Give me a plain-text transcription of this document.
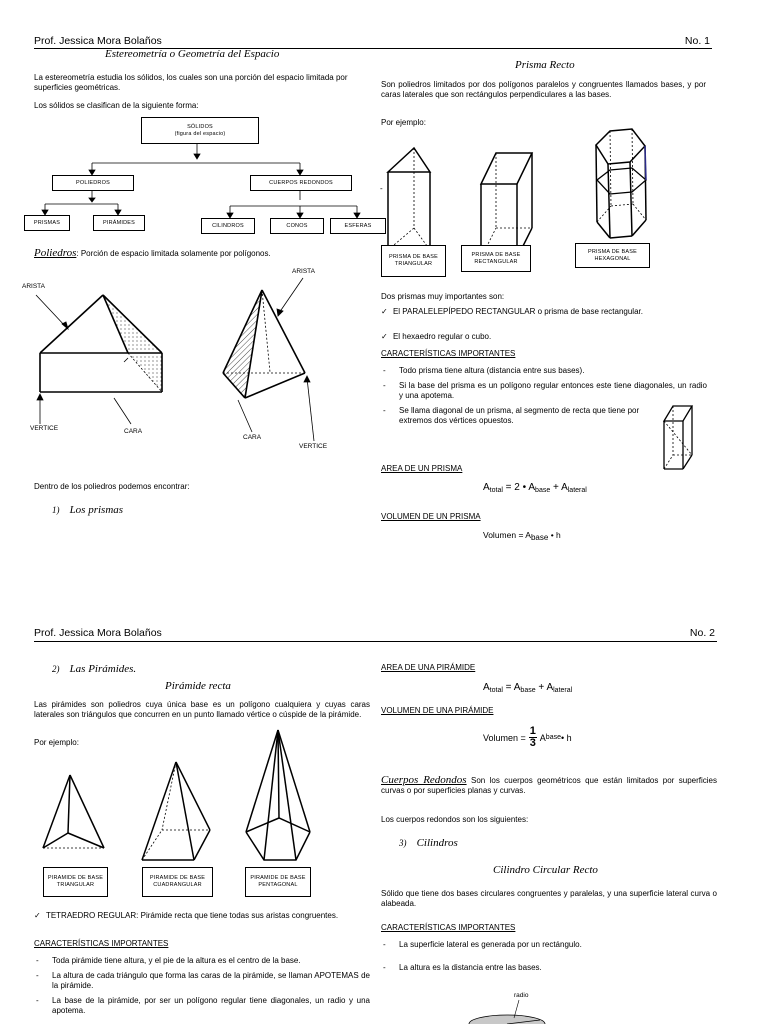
Prof. Jessica Mora Bolaños	No. 1
Estereometría o Geometría del Espacio
La estereometría estudia los sólidos, los cuales son una porción del espacio limitada por superficies geométricas.
Los sólidos se clasifican de la siguiente forma:
SÓLIDOS
(figura del espacio)
POLIEDROS	CUERPOS REDONDOS
PRISMAS	PIRÁMIDES	CILINDROS	CONOS	ESFERAS
Poliedros: Porción de espacio limitada solamente por polígonos.
ARISTA
VERTICE	CARA
ARISTA
CARA
VERTICE
Dentro de los poliedros podemos encontrar:
1) Los prismas
Prisma Recto
Son poliedros limitados por dos polígonos paralelos y congruentes llamados bases, y por caras laterales que son rectángulos perpendiculares a las bases.
Por ejemplo:
-
PRISMA DE BASE TRIANGULAR
PRISMA DE BASE RECTANGULAR
PRISMA DE BASE HEXAGONAL
Dos prismas muy importantes son:
✓ El PARALELEPÍPEDO RECTANGULAR o prisma de base rectangular.
✓ El hexaedro regular o cubo.
CARACTERÍSTICAS IMPORTANTES
- Todo prisma tiene altura (distancia entre sus bases).
- Si la base del prisma es un polígono regular entonces este tiene diagonales, un radio y una apotema.
- Se llama diagonal de un prisma, al segmento de recta que tiene por extremos dos vértices opuestos.
AREA DE UN PRISMA
$A_{total} = 2$ • $A_{base} + A_{lateral}$
VOLUMEN DE UN PRISMA
Volumen = Abase • h
Prof. Jessica Mora Bolaños	No. 2
2) Las Pirámides.
Pirámide recta
Las pirámides son poliedros cuya única base es un polígono cualquiera y cuyas caras laterales son triángulos que concurren en un punto llamado vértice o cúspide de la pirámide.
Por ejemplo:
PIRAMIDE DE BASE TRIANGULAR
PIRAMIDE DE BASE CUADRANGULAR
PIRAMIDE DE BASE PENTAGONAL
✓ TETRAEDRO REGULAR: Pirámide recta que tiene todas sus aristas congruentes.
CARACTERÍSTICAS IMPORTANTES
- Toda pirámide tiene altura, y el pie de la altura es el centro de la base.
- La altura de cada triángulo que forma las caras de la pirámide, se llaman APOTEMAS de la pirámide.
- La base de la pirámide, por ser un polígono regular tiene diagonales, un radio y una apotema.
AREA DE UNA PIRÁMIDE
$A_{total} = A_{base} + A_{lateral}$
VOLUMEN DE UNA PIRÁMIDE
Volumen =
1
3 A base • h
Cuerpos Redondos Son los cuerpos geométricos que están limitados por superficies curvas o por superficies planas y curvas.
Los cuerpos redondos son los siguientes:
3) Cilindros
Cilindro Circular Recto
Sólido que tiene dos bases circulares congruentes y paralelas, y una superficie lateral curva o alabeada.
CARACTERÍSTICAS IMPORTANTES
- La superficie lateral es generada por un rectángulo.
- La altura es la distancia entre las bases.
radio
